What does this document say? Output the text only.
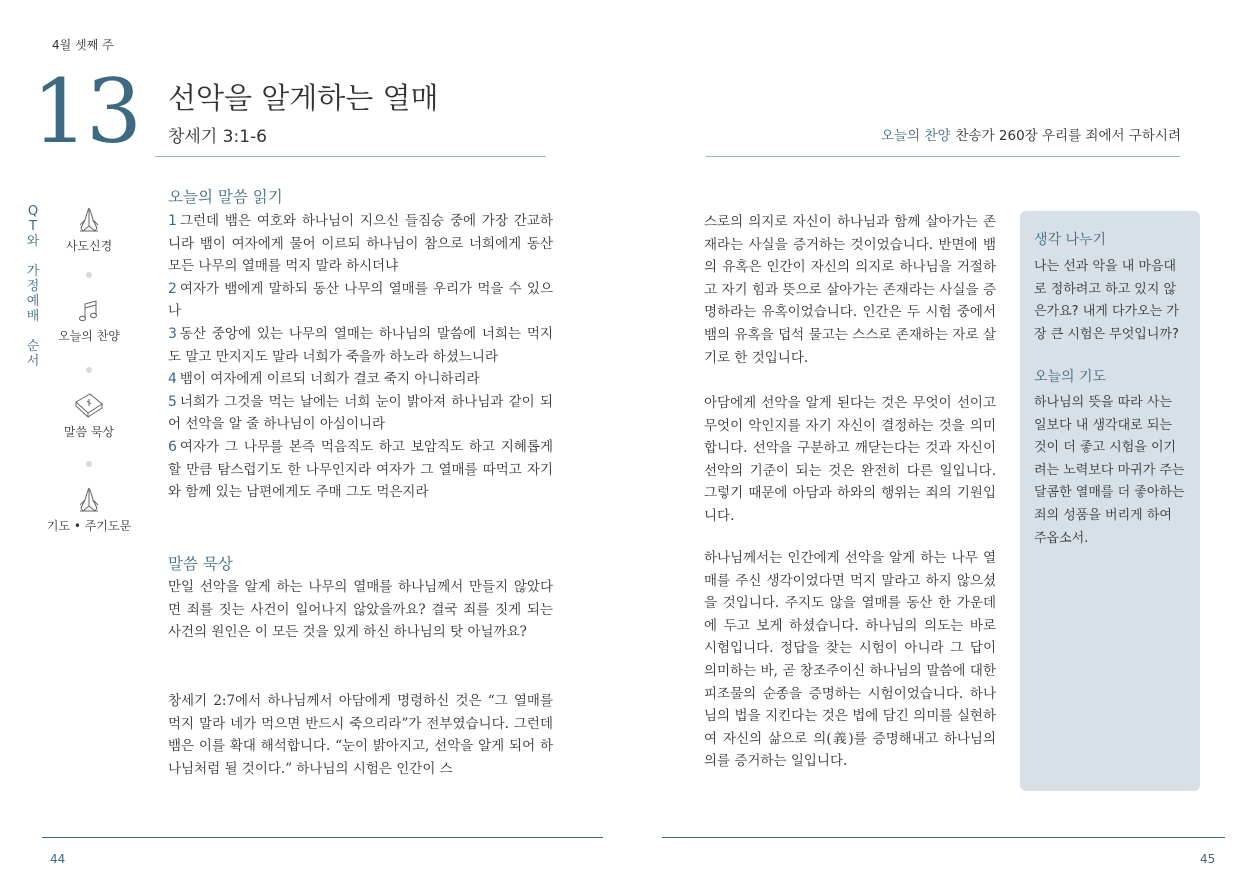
4월 셋째 주
13 선악을 알게하는 열매
창세기 3:1-6	오늘의 찬양 찬송가 260장 우리를 죄에서 구하시려
Q
T
와
가
정
예
배
순
서
사도신경
오늘의 찬양
말씀 묵상
기도 • 주기도문
오늘의 말씀 읽기

1 그런데 뱀은 여호와 하나님이 지으신 들짐승 중에 가장 간교하니라 뱀이 여자에게 물어 이르되 하나님이 참으로 너희에게 동산 모든 나무의 열매를 먹지 말라 하시더냐

2 여자가 뱀에게 말하되 동산 나무의 열매를 우리가 먹을 수 있으나

3 동산 중앙에 있는 나무의 열매는 하나님의 말씀에 너희는 먹지도 말고 만지지도 말라 너희가 죽을까 하노라 하셨느니라

4 뱀이 여자에게 이르되 너희가 결코 죽지 아니하리라

5 너희가 그것을 먹는 날에는 너희 눈이 밝아져 하나님과 같이 되어 선악을 알 줄 하나님이 아심이니라

6 여자가 그 나무를 본즉 먹음직도 하고 보암직도 하고 지혜롭게 할 만큼 탐스럽기도 한 나무인지라 여자가 그 열매를 따먹고 자기와 함께 있는 남편에게도 주매 그도 먹은지라

말씀 묵상

만일 선악을 알게 하는 나무의 열매를 하나님께서 만들지 않았다면 죄를 짓는 사건이 일어나지 않았을까요? 결국 죄를 짓게 되는 사건의 원인은 이 모든 것을 있게 하신 하나님의 탓 아닐까요?

창세기 2:7에서 하나님께서 아담에게 명령하신 것은 “그 열매를 먹지 말라 네가 먹으면 반드시 죽으리라”가 전부였습니다. 그런데 뱀은 이를 확대 해석합니다. “눈이 밝아지고, 선악을 알게 되어 하나님처럼 될 것이다.” 하나님의 시험은 인간이 스

스로의 의지로 자신이 하나님과 함께 살아가는 존재라는 사실을 증거하는 것이었습니다. 반면에 뱀의 유혹은 인간이 자신의 의지로 하나님을 거절하고 자기 힘과 뜻으로 살아가는 존재라는 사실을 증명하라는 유혹이었습니다. 인간은 두 시험 중에서 뱀의 유혹을 덥석 물고는 스스로 존재하는 자로 살기로 한 것입니다.

아담에게 선악을 알게 된다는 것은 무엇이 선이고 무엇이 악인지를 자기 자신이 결정하는 것을 의미합니다. 선악을 구분하고 깨닫는다는 것과 자신이 선악의 기준이 되는 것은 완전히 다른 일입니다. 그렇기 때문에 아담과 하와의 행위는 죄의 기원입니다.

하나님께서는 인간에게 선악을 알게 하는 나무 열매를 주신 생각이었다면 먹지 말라고 하지 않으셨을 것입니다. 주지도 않을 열매를 동산 한 가운데에 두고 보게 하셨습니다. 하나님의 의도는 바로 시험입니다. 정답을 찾는 시험이 아니라 그 답이 의미하는 바, 곧 창조주이신 하나님의 말씀에 대한 피조물의 순종을 증명하는 시험이었습니다. 하나님의 법을 지킨다는 것은 법에 담긴 의미를 실현하여 자신의 삶으로 의(義)를 증명해내고 하나님의 의를 증거하는 일입니다.

생각 나누기
나는 선과 악을 내 마음대로 정하려고 하고 있지 않은가요? 내게 다가오는 가장 큰 시험은 무엇입니까?
오늘의 기도
하나님의 뜻을 따라 사는 일보다 내 생각대로 되는 것이 더 좋고 시험을 이기려는 노력보다 마귀가 주는 달콤한 열매를 더 좋아하는 죄의 성품을 버리게 하여 주옵소서.
44	45
